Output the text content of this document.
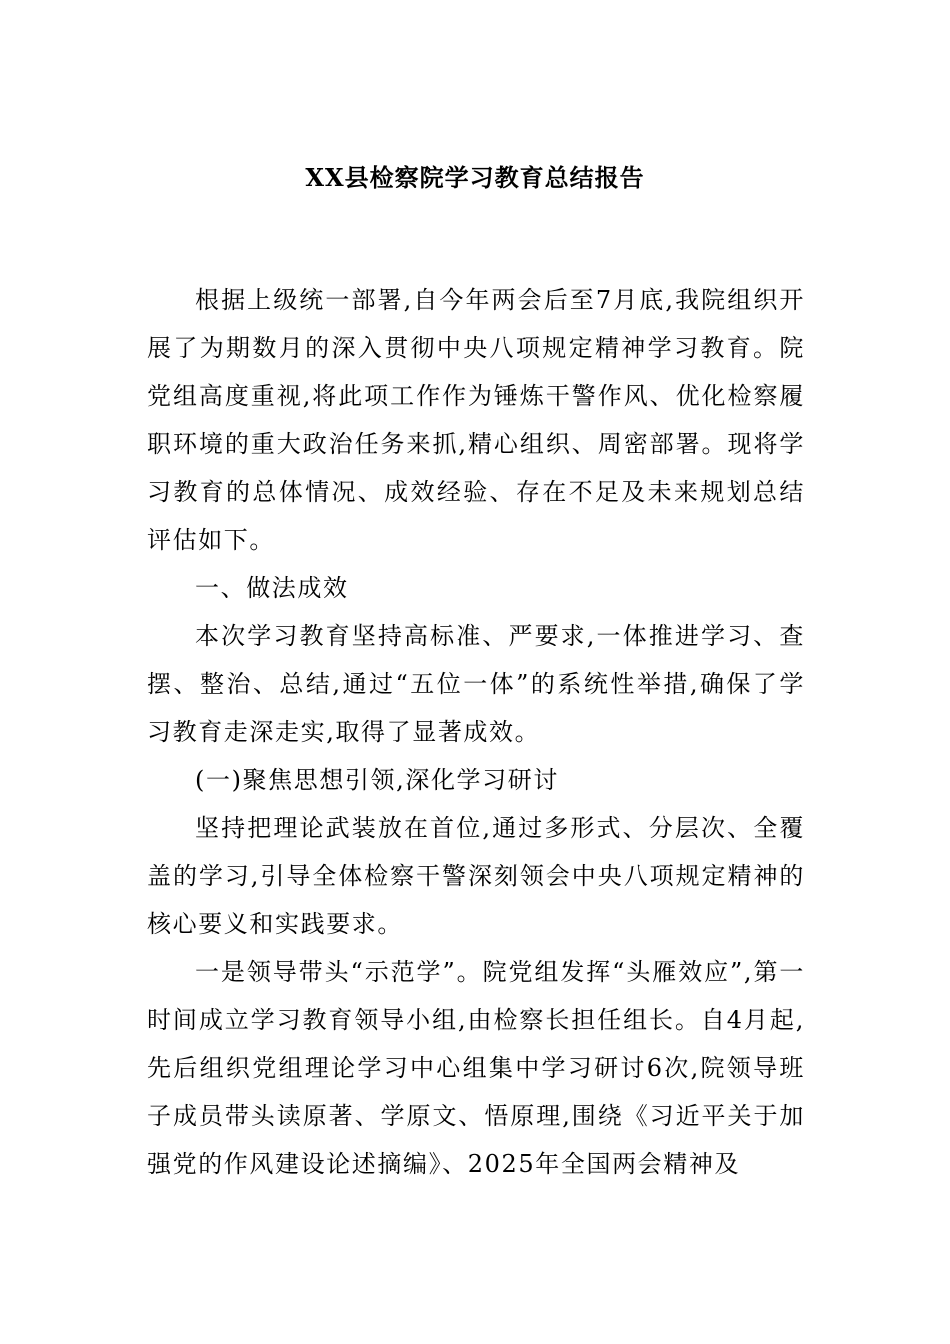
XX县检察院学习教育总结报告

根据上级统一部署,自今年两会后至7月底,我院组织开展了为期数月的深入贯彻中央八项规定精神学习教育。院党组高度重视,将此项工作作为锤炼干警作风、优化检察履职环境的重大政治任务来抓,精心组织、周密部署。现将学习教育的总体情况、成效经验、存在不足及未来规划总结评估如下。

一、做法成效

本次学习教育坚持高标准、严要求,一体推进学习、查摆、整治、总结,通过“五位一体”的系统性举措,确保了学习教育走深走实,取得了显著成效。

(一)聚焦思想引领,深化学习研讨

坚持把理论武装放在首位,通过多形式、分层次、全覆盖的学习,引导全体检察干警深刻领会中央八项规定精神的核心要义和实践要求。

一是领导带头“示范学”。院党组发挥“头雁效应”,第一时间成立学习教育领导小组,由检察长担任组长。自4月起,先后组织党组理论学习中心组集中学习研讨6次,院领导班子成员带头读原著、学原文、悟原理,围绕《习近平关于加强党的作风建设论述摘编》、2025年全国两会精神及
